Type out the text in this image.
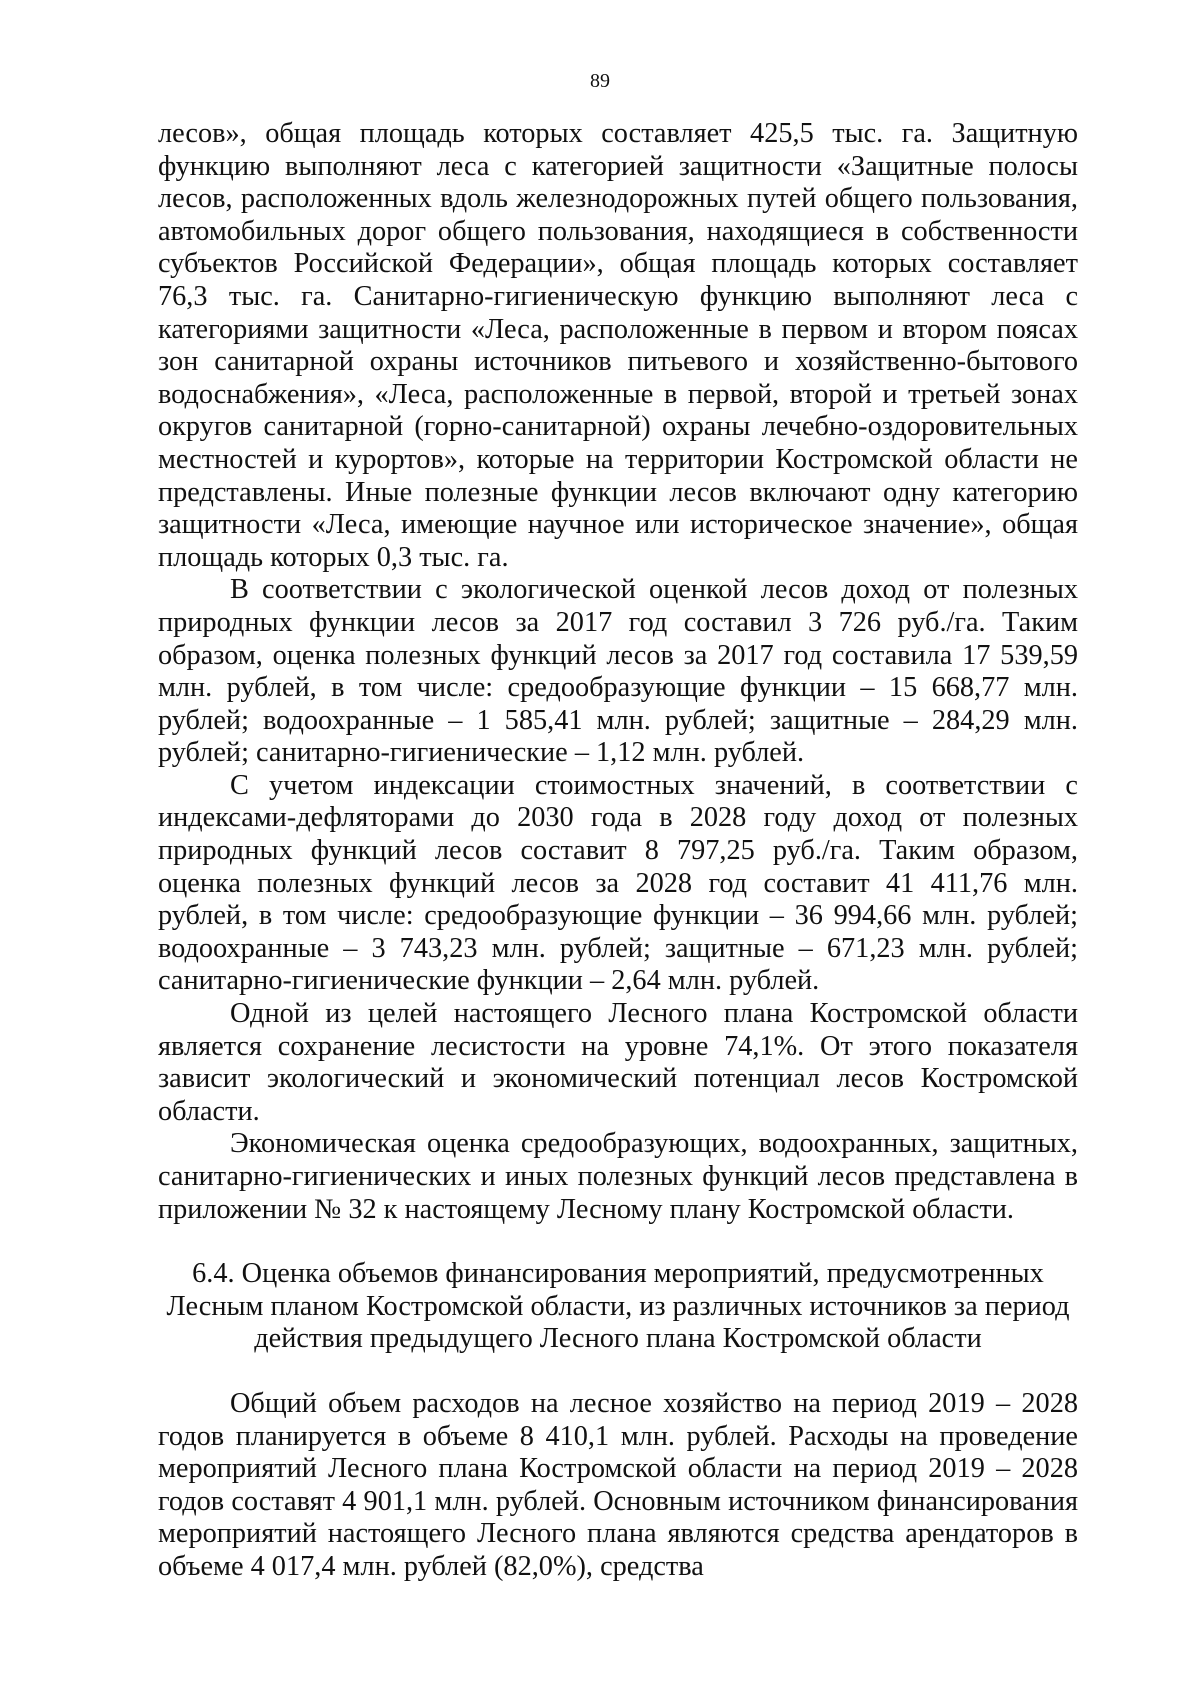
89

лесов», общая площадь которых составляет 425,5 тыс. га. Защитную функцию выполняют леса с категорией защитности «Защитные полосы лесов, расположенных вдоль железнодорожных путей общего пользования, автомобильных дорог общего пользования, находящиеся в собственности субъектов Российской Федерации», общая площадь которых составляет 76,3 тыс. га. Санитарно-гигиеническую функцию выполняют леса с категориями защитности «Леса, расположенные в первом и втором поясах зон санитарной охраны источников питьевого и хозяйственно-бытового водоснабжения», «Леса, расположенные в первой, второй и третьей зонах округов санитарной (горно-санитарной) охраны лечебно-оздоровительных местностей и курортов», которые на территории Костромской области не представлены. Иные полезные функции лесов включают одну категорию защитности «Леса, имеющие научное или историческое значение», общая площадь которых 0,3 тыс. га.

В соответствии с экологической оценкой лесов доход от полезных природных функции лесов за 2017 год составил 3 726 руб./га. Таким образом, оценка полезных функций лесов за 2017 год составила 17 539,59 млн. рублей, в том числе: средообразующие функции – 15 668,77 млн. рублей; водоохранные – 1 585,41 млн. рублей; защитные – 284,29 млн. рублей; санитарно-гигиенические – 1,12 млн. рублей.

С учетом индексации стоимостных значений, в соответствии с индексами-дефляторами до 2030 года в 2028 году доход от полезных природных функций лесов составит 8 797,25 руб./га. Таким образом, оценка полезных функций лесов за 2028 год составит 41 411,76 млн. рублей, в том числе: средообразующие функции – 36 994,66 млн. рублей; водоохранные – 3 743,23 млн. рублей; защитные – 671,23 млн. рублей; санитарно-гигиенические функции – 2,64 млн. рублей.

Одной из целей настоящего Лесного плана Костромской области является сохранение лесистости на уровне 74,1%. От этого показателя зависит экологический и экономический потенциал лесов Костромской области.

Экономическая оценка средообразующих, водоохранных, защитных, санитарно-гигиенических и иных полезных функций лесов представлена в приложении № 32 к настоящему Лесному плану Костромской области.

6.4. Оценка объемов финансирования мероприятий, предусмотренных
Лесным планом Костромской области, из различных источников за период
действия предыдущего Лесного плана Костромской области

Общий объем расходов на лесное хозяйство на период 2019 – 2028 годов планируется в объеме 8 410,1 млн. рублей. Расходы на проведение мероприятий Лесного плана Костромской области на период 2019 – 2028 годов составят 4 901,1 млн. рублей. Основным источником финансирования мероприятий настоящего Лесного плана являются средства арендаторов в объеме 4 017,4 млн. рублей (82,0%), средства
